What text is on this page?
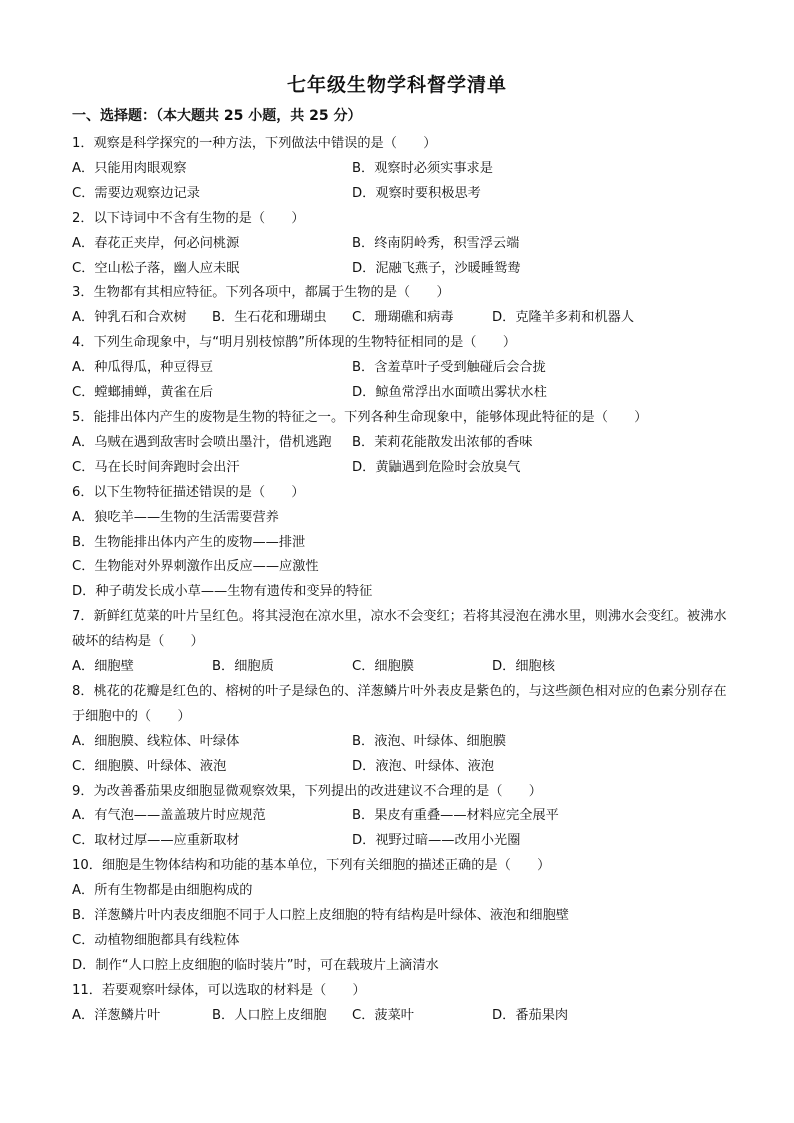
七年级生物学科督学清单
一、选择题：（本大题共 25 小题，共 25 分）
1．观察是科学探究的一种方法，下列做法中错误的是（　　）
A．只能用肉眼观察	B．观察时必须实事求是
C．需要边观察边记录	D．观察时要积极思考
2．以下诗词中不含有生物的是（　　）
A．春花正夹岸，何必问桃源	B．终南阴岭秀，积雪浮云端
C．空山松子落，幽人应未眠	D．泥融飞燕子，沙暖睡鸳鸯
3．生物都有其相应特征。下列各项中，都属于生物的是（　　）
A．钟乳石和合欢树	B．生石花和珊瑚虫	C．珊瑚礁和病毒	D．克隆羊多莉和机器人
4．下列生命现象中，与“明月别枝惊鹊”所体现的生物特征相同的是（　　）
A．种瓜得瓜，种豆得豆	B．含羞草叶子受到触碰后会合拢
C．螳螂捕蝉，黄雀在后	D．鲸鱼常浮出水面喷出雾状水柱
5．能排出体内产生的废物是生物的特征之一。下列各种生命现象中，能够体现此特征的是（　　）
A．乌贼在遇到敌害时会喷出墨汁，借机逃跑	B．茉莉花能散发出浓郁的香味
C．马在长时间奔跑时会出汗	D．黄鼬遇到危险时会放臭气
6．以下生物特征描述错误的是（　　）
A．狼吃羊——生物的生活需要营养
B．生物能排出体内产生的废物——排泄
C．生物能对外界刺激作出反应——应激性
D．种子萌发长成小草——生物有遗传和变异的特征
7．新鲜红苋菜的叶片呈红色。将其浸泡在凉水里，凉水不会变红；若将其浸泡在沸水里，则沸水会变红。被沸水破坏的结构是（　　）
A．细胞壁	B．细胞质	C．细胞膜	D．细胞核
8．桃花的花瓣是红色的、榕树的叶子是绿色的、洋葱鳞片叶外表皮是紫色的，与这些颜色相对应的色素分别存在于细胞中的（　　）
A．细胞膜、线粒体、叶绿体	B．液泡、叶绿体、细胞膜
C．细胞膜、叶绿体、液泡	D．液泡、叶绿体、液泡
9．为改善番茄果皮细胞显微观察效果，下列提出的改进建议不合理的是（　　）
A．有气泡——盖盖玻片时应规范	B．果皮有重叠——材料应完全展平
C．取材过厚——应重新取材	D．视野过暗——改用小光圈
10．细胞是生物体结构和功能的基本单位，下列有关细胞的描述正确的是（　　）
A．所有生物都是由细胞构成的
B．洋葱鳞片叶内表皮细胞不同于人口腔上皮细胞的特有结构是叶绿体、液泡和细胞壁
C．动植物细胞都具有线粒体
D．制作“人口腔上皮细胞的临时装片”时，可在载玻片上滴清水
11．若要观察叶绿体，可以选取的材料是（　　）
A．洋葱鳞片叶	B．人口腔上皮细胞	C．菠菜叶	D．番茄果肉
